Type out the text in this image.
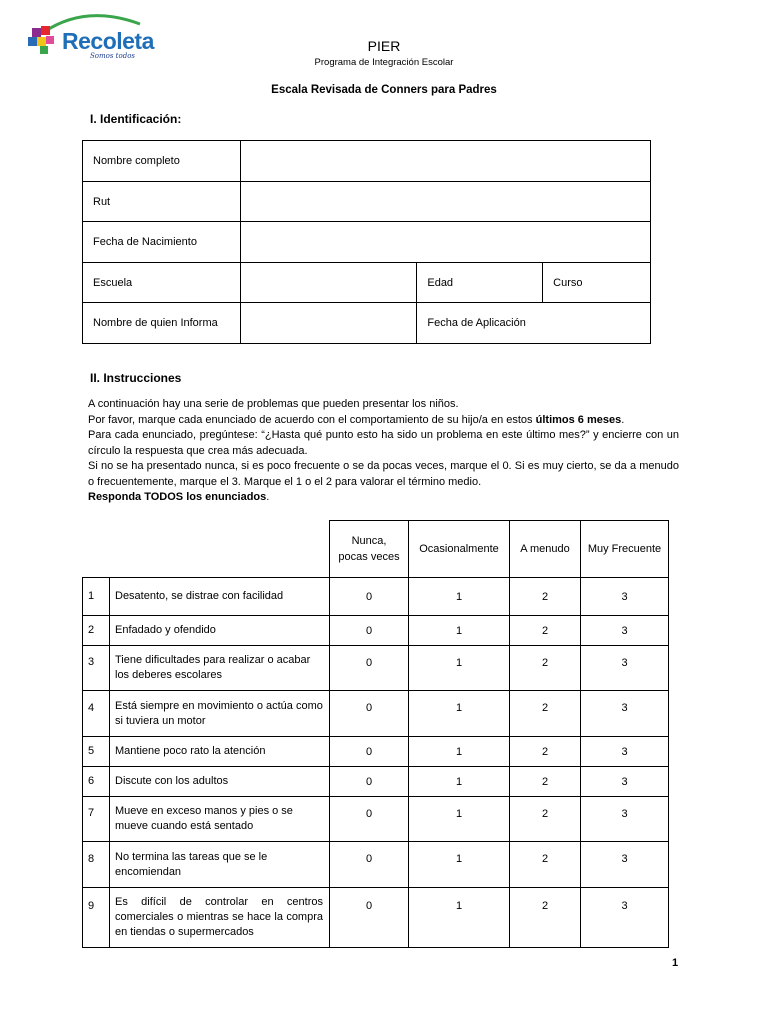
Recoleta
Somos todos
PIER
Programa de Integración Escolar
Escala Revisada de Conners para Padres
I. Identificación:
Nombre completo			
Rut			
Fecha de Nacimiento			
Escuela		Edad	Curso
Nombre de quien Informa		Fecha de Aplicación	
II. Instrucciones

A continuación hay una serie de problemas que pueden presentar los niños.

Por favor, marque cada enunciado de acuerdo con el comportamiento de su hijo/a en estos últimos 6 meses.

Para cada enunciado, pregúntese: “¿Hasta qué punto esto ha sido un problema en este último mes?” y encierre con un círculo la respuesta que crea más adecuada.

Si no se ha presentado nunca, si es poco frecuente o se da pocas veces, marque el 0. Si es muy cierto, se da a menudo o frecuentemente, marque el 3. Marque el 1 o el 2 para valorar el término medio.

Responda TODOS los enunciados.

		Nunca,
pocas veces	Ocasionalmente	A menudo	Muy Frecuente
1	Desatento, se distrae con facilidad	0	1	2	3
2	Enfadado y ofendido	0	1	2	3
3	Tiene dificultades para realizar o acabar los deberes escolares	0	1	2	3
4	Está siempre en movimiento o actúa como si tuviera un motor	0	1	2	3
5	Mantiene poco rato la atención	0	1	2	3
6	Discute con los adultos	0	1	2	3
7	Mueve en exceso manos y pies o se mueve cuando está sentado	0	1	2	3
8	No termina las tareas que se le encomiendan	0	1	2	3
9	Es difícil de controlar en centros comerciales o mientras se hace la compra en tiendas o supermercados	0	1	2	3
1
